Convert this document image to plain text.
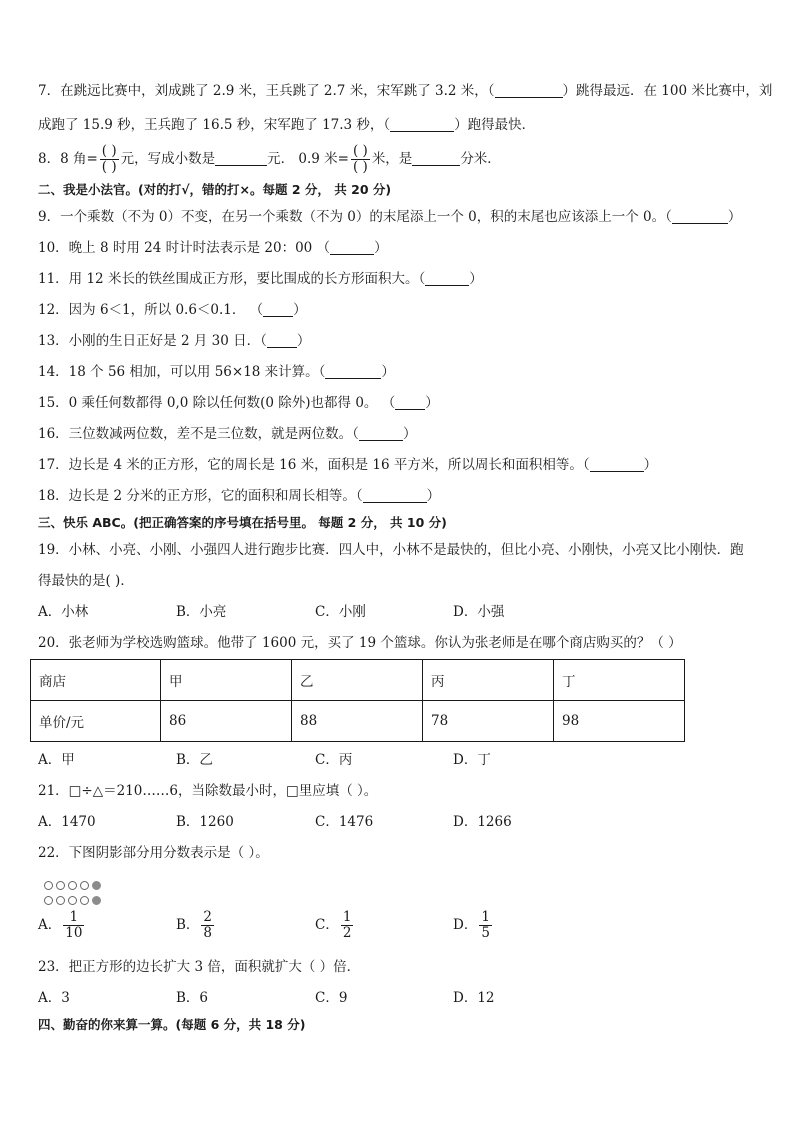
7．在跳远比赛中，刘成跳了 2.9 米，王兵跳了 2.7 米，宋军跳了 3.2 米，（	）跳得最远．在 100 米比赛中，刘
成跑了 15.9 秒，王兵跑了 16.5 秒，宋军跑了 17.3 秒，（	）跑得最快．
8．8 角= $\frac{( )}{( )}$ 元，写成小数是	元． 0.9 米= $\frac{( )}{( )}$ 米，是	分米．
二、我是小法官。(对的打√，错的打×。每题 2 分， 共 20 分)
9．一个乘数（不为 0）不变，在另一个乘数（不为 0）的末尾添上一个 0，积的末尾也应该添上一个 0。（	）
10．晚上 8 时用 24 时计时法表示是 20：00 （	）
11．用 12 米长的铁丝围成正方形，要比围成的长方形面积大。（	）
12．因为 6＜1，所以 0.6＜0.1． （ ）
13．小刚的生日正好是 2 月 30 日．（ ）
14．18 个 56 相加，可以用 56×18 来计算。（	）
15．0 乘任何数都得 0,0 除以任何数(0 除外)也都得 0。 （ ）
16．三位数减两位数，差不是三位数，就是两位数。（	）
17．边长是 4 米的正方形，它的周长是 16 米，面积是 16 平方米，所以周长和面积相等。（	）
18．边长是 2 分米的正方形，它的面积和周长相等。（	）
三、快乐 ABC。(把正确答案的序号填在括号里。 每题 2 分， 共 10 分)
19．小林、小亮、小刚、小强四人进行跑步比赛．四人中，小林不是最快的，但比小亮、小刚快，小亮又比小刚快．跑
得最快的是( )．
A．小林	B．小亮	C．小刚	D．小强
20．张老师为学校选购篮球。他带了 1600 元，买了 19 个篮球。你认为张老师是在哪个商店购买的？（ ）
商店	甲	乙	丙	丁
单价/元	86	88	78	98
A．甲	B．乙	C．丙	D．丁
21．□÷△＝210……6，当除数最小时，□里应填（ ）。
A．1470	B．1260	C．1476	D．1266
22．下图阴影部分用分数表示是（ ）。
A． $\frac{1}{10}$	B． $\frac{2}{8}$	C． $\frac{1}{2}$	D． $\frac{1}{5}$
23．把正方形的边长扩大 3 倍，面积就扩大（ ）倍．
A．3	B．6	C．9	D．12
四、勤奋的你来算一算。(每题 6 分，共 18 分)
